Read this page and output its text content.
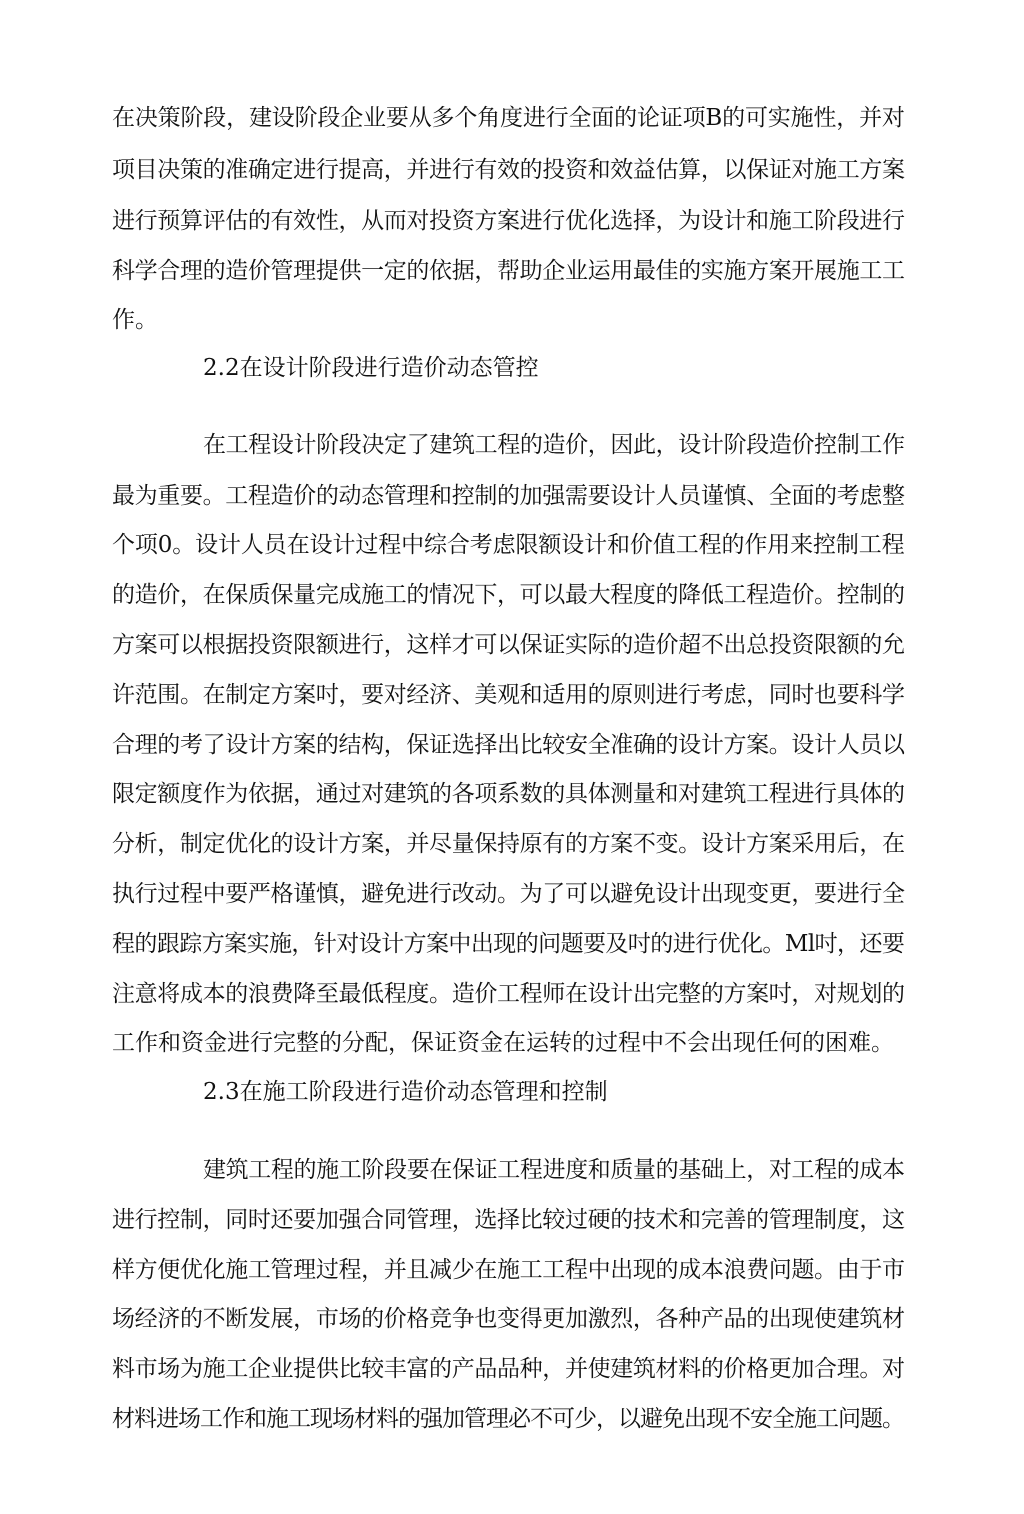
在决策阶段，建设阶段企业要从多个角度进行全面的论证项B的可实施性，并对
项目决策的准确定进行提高，并进行有效的投资和效益估算，以保证对施工方案
进行预算评估的有效性，从而对投资方案进行优化选择，为设计和施工阶段进行
科学合理的造价管理提供一定的依据，帮助企业运用最佳的实施方案开展施工工
作。
2.2在设计阶段进行造价动态管控
在工程设计阶段决定了建筑工程的造价，因此，设计阶段造价控制工作
最为重要。工程造价的动态管理和控制的加强需要设计人员谨慎、全面的考虑整
个项0。设计人员在设计过程中综合考虑限额设计和价值工程的作用来控制工程
的造价，在保质保量完成施工的情况下，可以最大程度的降低工程造价。控制的
方案可以根据投资限额进行，这样才可以保证实际的造价超不出总投资限额的允
许范围。在制定方案吋，要对经济、美观和适用的原则进行考虑，同时也要科学
合理的考了设计方案的结构，保证选择出比较安全准确的设计方案。设计人员以
限定额度作为依据，通过对建筑的各项系数的具体测量和对建筑工程进行具体的
分析，制定优化的设计方案，并尽量保持原有的方案不变。设计方案采用后，在
执行过程中要严格谨慎，避免进行改动。为了可以避免设计出现变更，要进行全
程的跟踪方案实施，针对设计方案中出现的问题要及吋的进行优化。Ml吋，还要
注意将成本的浪费降至最低程度。造价工程师在设计出完整的方案吋，对规划的
工作和资金进行完整的分配，保证资金在运转的过程中不会出现任何的困难。
2.3在施工阶段进行造价动态管理和控制
建筑工程的施工阶段要在保证工程进度和质量的基础上，对工程的成本
进行控制，同时还要加强合同管理，选择比较过硬的技术和完善的管理制度，这
样方便优化施工管理过程，并且减少在施工工程中出现的成本浪费问题。由于市
场经济的不断发展，市场的价格竞争也变得更加激烈，各种产品的出现使建筑材
料市场为施工企业提供比较丰富的产品品种，并使建筑材料的价格更加合理。对
材料进场工作和施工现场材料的强加管理必不可少，以避免出现不安全施工问题。
